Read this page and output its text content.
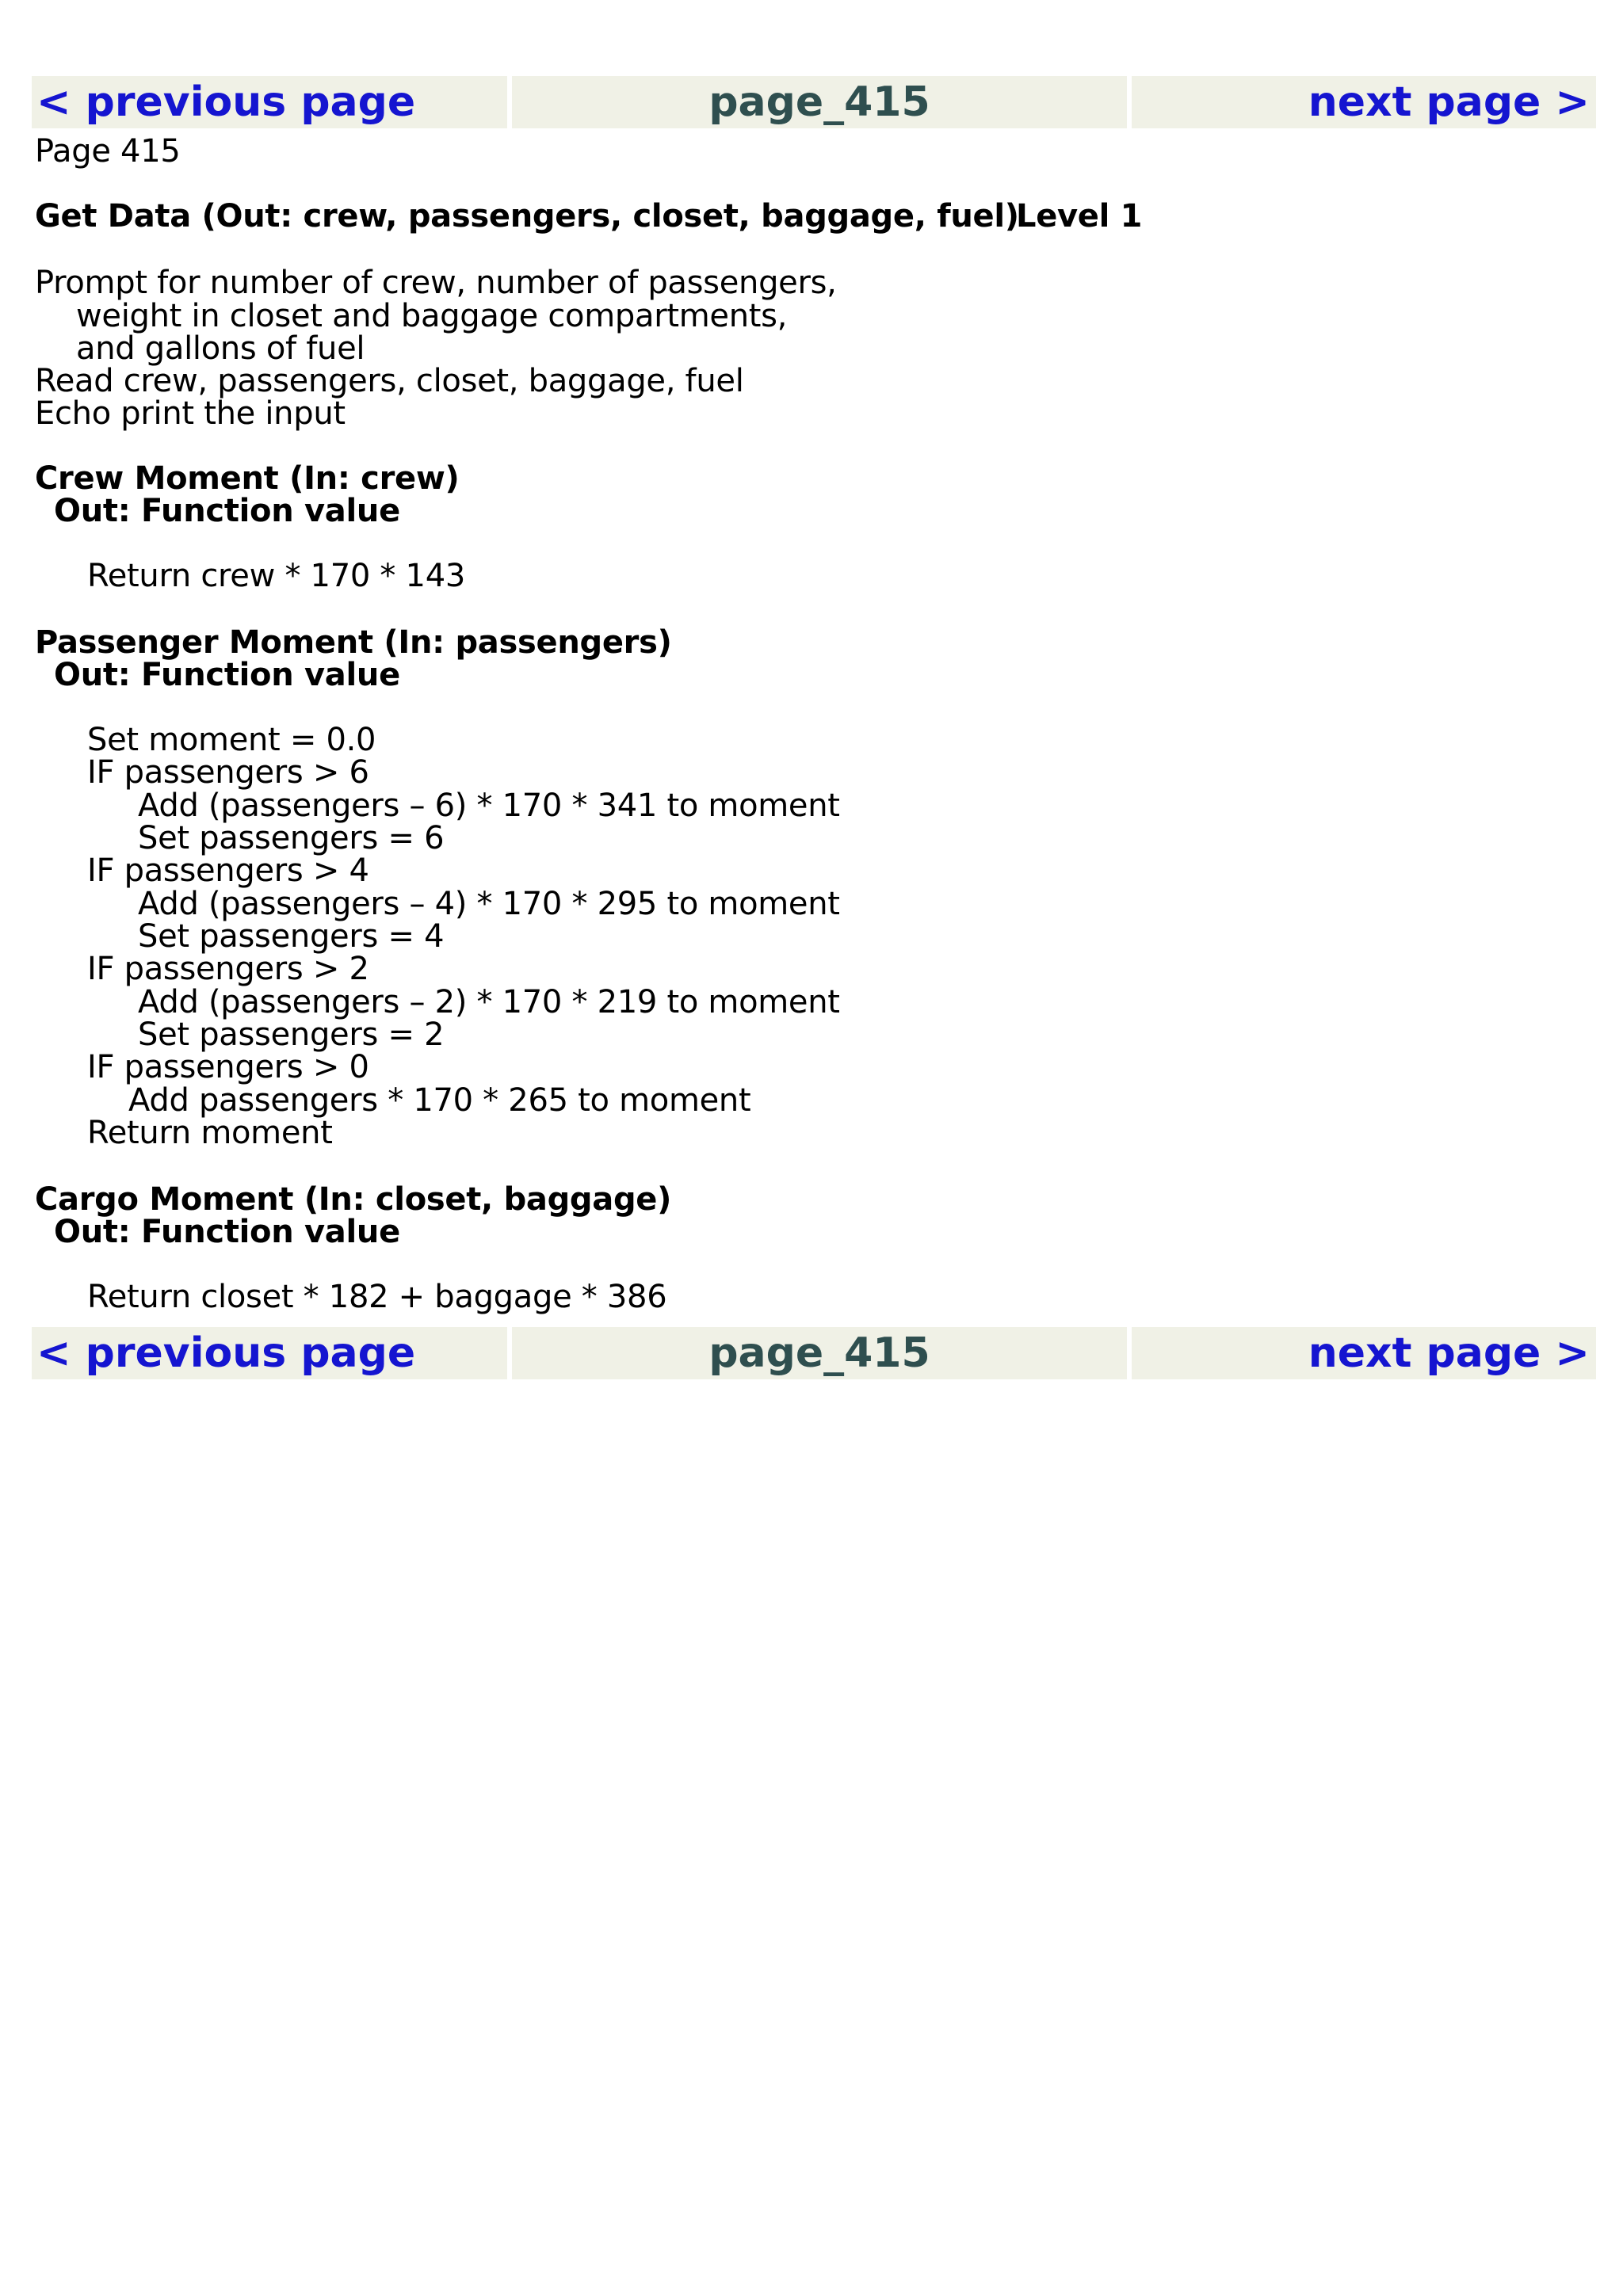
< previous page	page_415	next page >
Page 415
Get Data (Out: crew, passengers, closet, baggage, fuel)
Level 1
Prompt for number of crew, number of passengers,
weight in closet and baggage compartments,
and gallons of fuel
Read crew, passengers, closet, baggage, fuel
Echo print the input
Crew Moment (In: crew)
Out: Function value
Return crew * 170 * 143
Passenger Moment (In: passengers)
Out: Function value
Set moment = 0.0
IF passengers > 6
Add (passengers – 6) * 170 * 341 to moment
Set passengers = 6
IF passengers > 4
Add (passengers – 4) * 170 * 295 to moment
Set passengers = 4
IF passengers > 2
Add (passengers – 2) * 170 * 219 to moment
Set passengers = 2
IF passengers > 0
Add passengers * 170 * 265 to moment
Return moment
Cargo Moment (In: closet, baggage)
Out: Function value
Return closet * 182 + baggage * 386
< previous page	page_415	next page >
